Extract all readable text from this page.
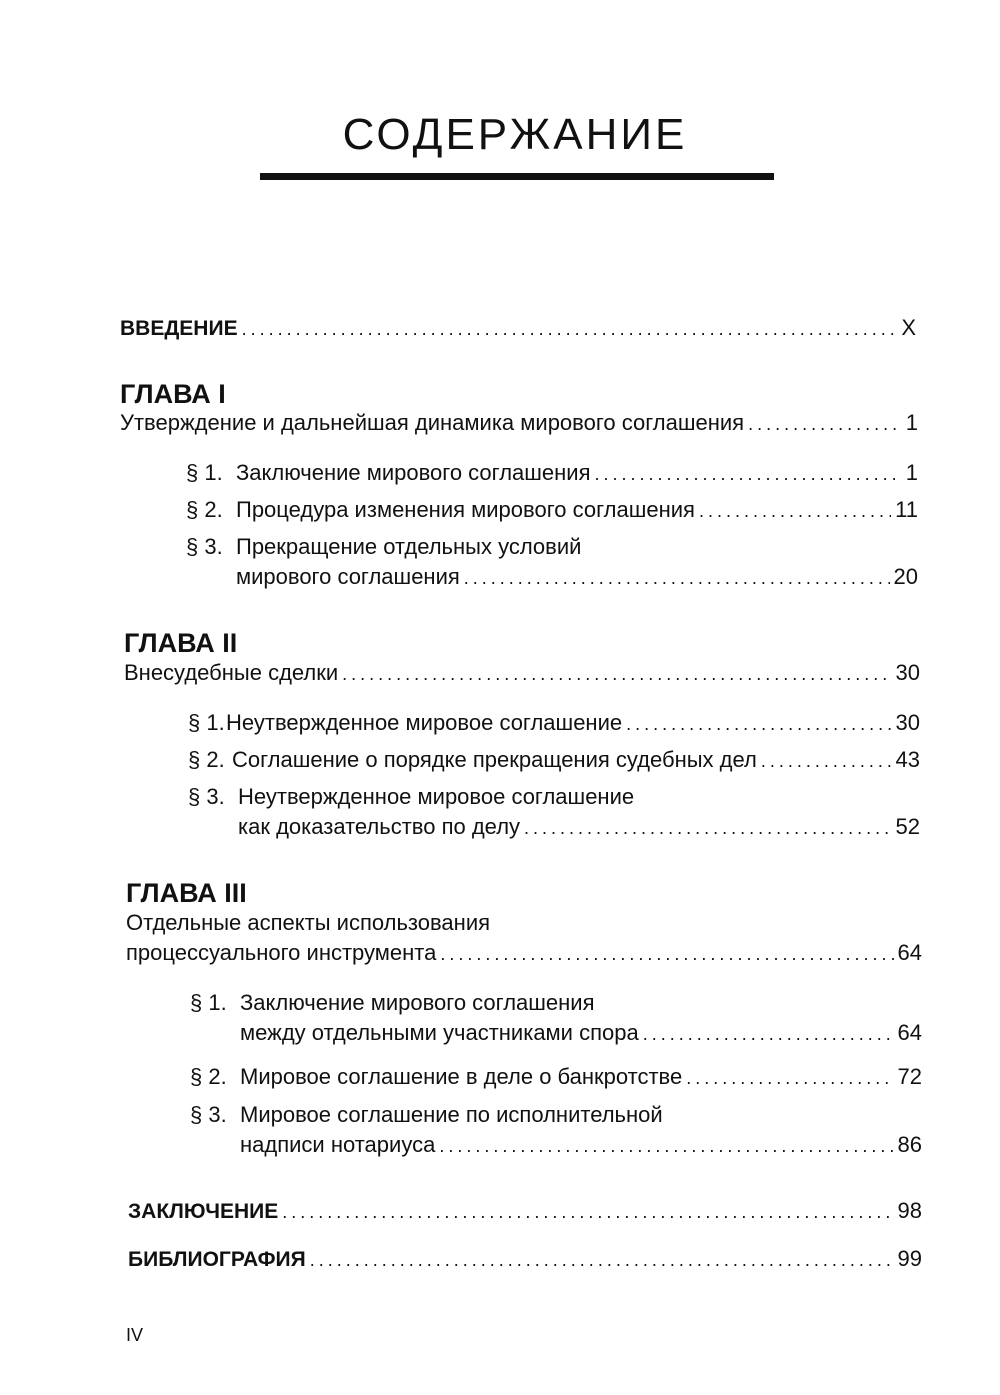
СОДЕРЖАНИЕ
ВВЕДЕНИЕ . . .	X
ГЛАВА I
Утверждение и дальнейшая динамика мирового соглашения . . .	1
§ 1. Заключение мирового соглашения . . .	1
§ 2. Процедура изменения мирового соглашения . . .	11
§ 3. Прекращение отдельных условий
мирового соглашения . . .	20
ГЛАВА II
Внесудебные сделки . . .	30
§ 1. Неутвержденное мировое соглашение . . .	30
§ 2. Соглашение о порядке прекращения судебных дел . . .	43
§ 3. Неутвержденное мировое соглашение
как доказательство по делу . . .	52
ГЛАВА III
Отдельные аспекты использования
процессуального инструмента . . .	64
§ 1. Заключение мирового соглашения
между отдельными участниками спора . . .	64
§ 2. Мировое соглашение в деле о банкротстве . . .	72
§ 3. Мировое соглашение по исполнительной
надписи нотариуса . . .	86
ЗАКЛЮЧЕНИЕ . . .	98
БИБЛИОГРАФИЯ . . .	99
IV
